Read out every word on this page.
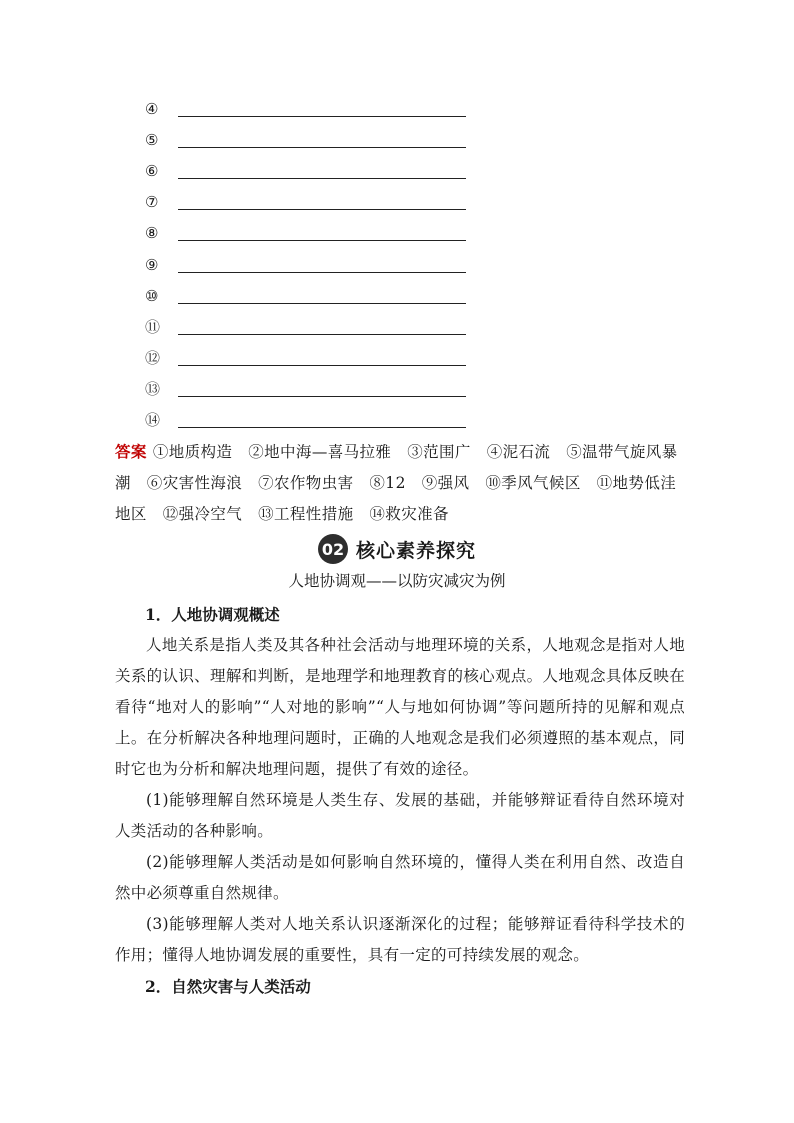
④
⑤
⑥
⑦
⑧
⑨
⑩
⑪
⑫
⑬
⑭
答案 ①地质构造　②地中海—喜马拉雅　③范围广　④泥石流　⑤温带气旋风暴潮　⑥灾害性海浪　⑦农作物虫害　⑧12　⑨强风　⑩季风气候区　⑪地势低洼地区　⑫强冷空气　⑬工程性措施　⑭救灾准备
02 核心素养探究
人地协调观——以防灾减灾为例
1．人地协调观概述
人地关系是指人类及其各种社会活动与地理环境的关系，人地观念是指对人地关系的认识、理解和判断，是地理学和地理教育的核心观点。人地观念具体反映在看待“地对人的影响”“人对地的影响”“人与地如何协调”等问题所持的见解和观点上。在分析解决各种地理问题时，正确的人地观念是我们必须遵照的基本观点，同时它也为分析和解决地理问题，提供了有效的途径。
(1)能够理解自然环境是人类生存、发展的基础，并能够辩证看待自然环境对人类活动的各种影响。
(2)能够理解人类活动是如何影响自然环境的，懂得人类在利用自然、改造自然中必须尊重自然规律。
(3)能够理解人类对人地关系认识逐渐深化的过程；能够辩证看待科学技术的作用；懂得人地协调发展的重要性，具有一定的可持续发展的观念。
2．自然灾害与人类活动
